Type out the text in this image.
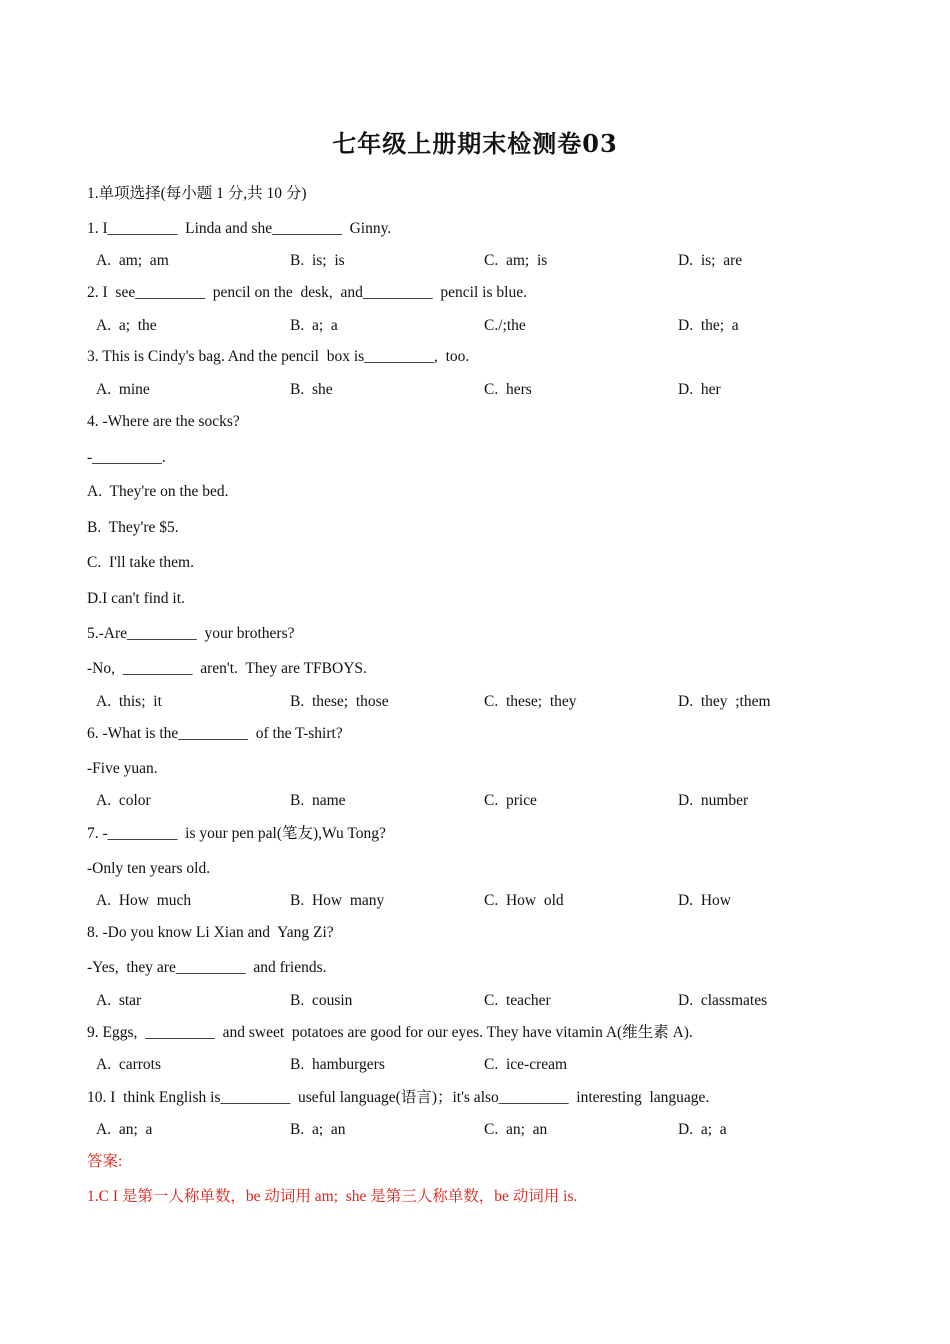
七年级上册期末检测卷03
1.单项选择(每小题 1 分,共 10 分)
1. I_________  Linda and she_________  Ginny.
A.  am;  am	B.  is;  is	C.  am;  is	D.  is;  are
2. I  see_________  pencil on the  desk,  and_________  pencil is blue.
A.  a;  the	B.  a;  a	C./;the	D.  the;  a
3. This is Cindy's bag. And the pencil  box is_________,  too.
A.  mine	B.  she	C.  hers	D.  her
4. -Where are the socks?
-_________.
A.  They're on the bed.
B.  They're $5.
C.  I'll take them.
D.I can't find it.
5.-Are_________  your brothers?
-No,  _________  aren't.  They are TFBOYS.
A.  this;  it	B.  these;  those	C.  these;  they	D.  they  ;them
6. -What is the_________  of the T-shirt?
-Five yuan.
A.  color	B.  name	C.  price	D.  number
7. -_________  is your pen pal(笔友),Wu Tong?
-Only ten years old.
A.  How  much	B.  How  many	C.  How  old	D.  How
8. -Do you know Li Xian and  Yang Zi?
-Yes,  they are_________  and friends.
A.  star	B.  cousin	C.  teacher	D.  classmates
9. Eggs,  _________  and sweet  potatoes are good for our eyes. They have vitamin A(维生素 A).
A.  carrots	B.  hamburgers	C.  ice-cream
10. I  think English is_________  useful language(语言)；it's also_________  interesting  language.
A.  an;  a	B.  a;  an	C.  an;  an	D.  a;  a
答案:
1.C I 是第一人称单数，be 动词用 am;  she 是第三人称单数，be 动词用 is.
